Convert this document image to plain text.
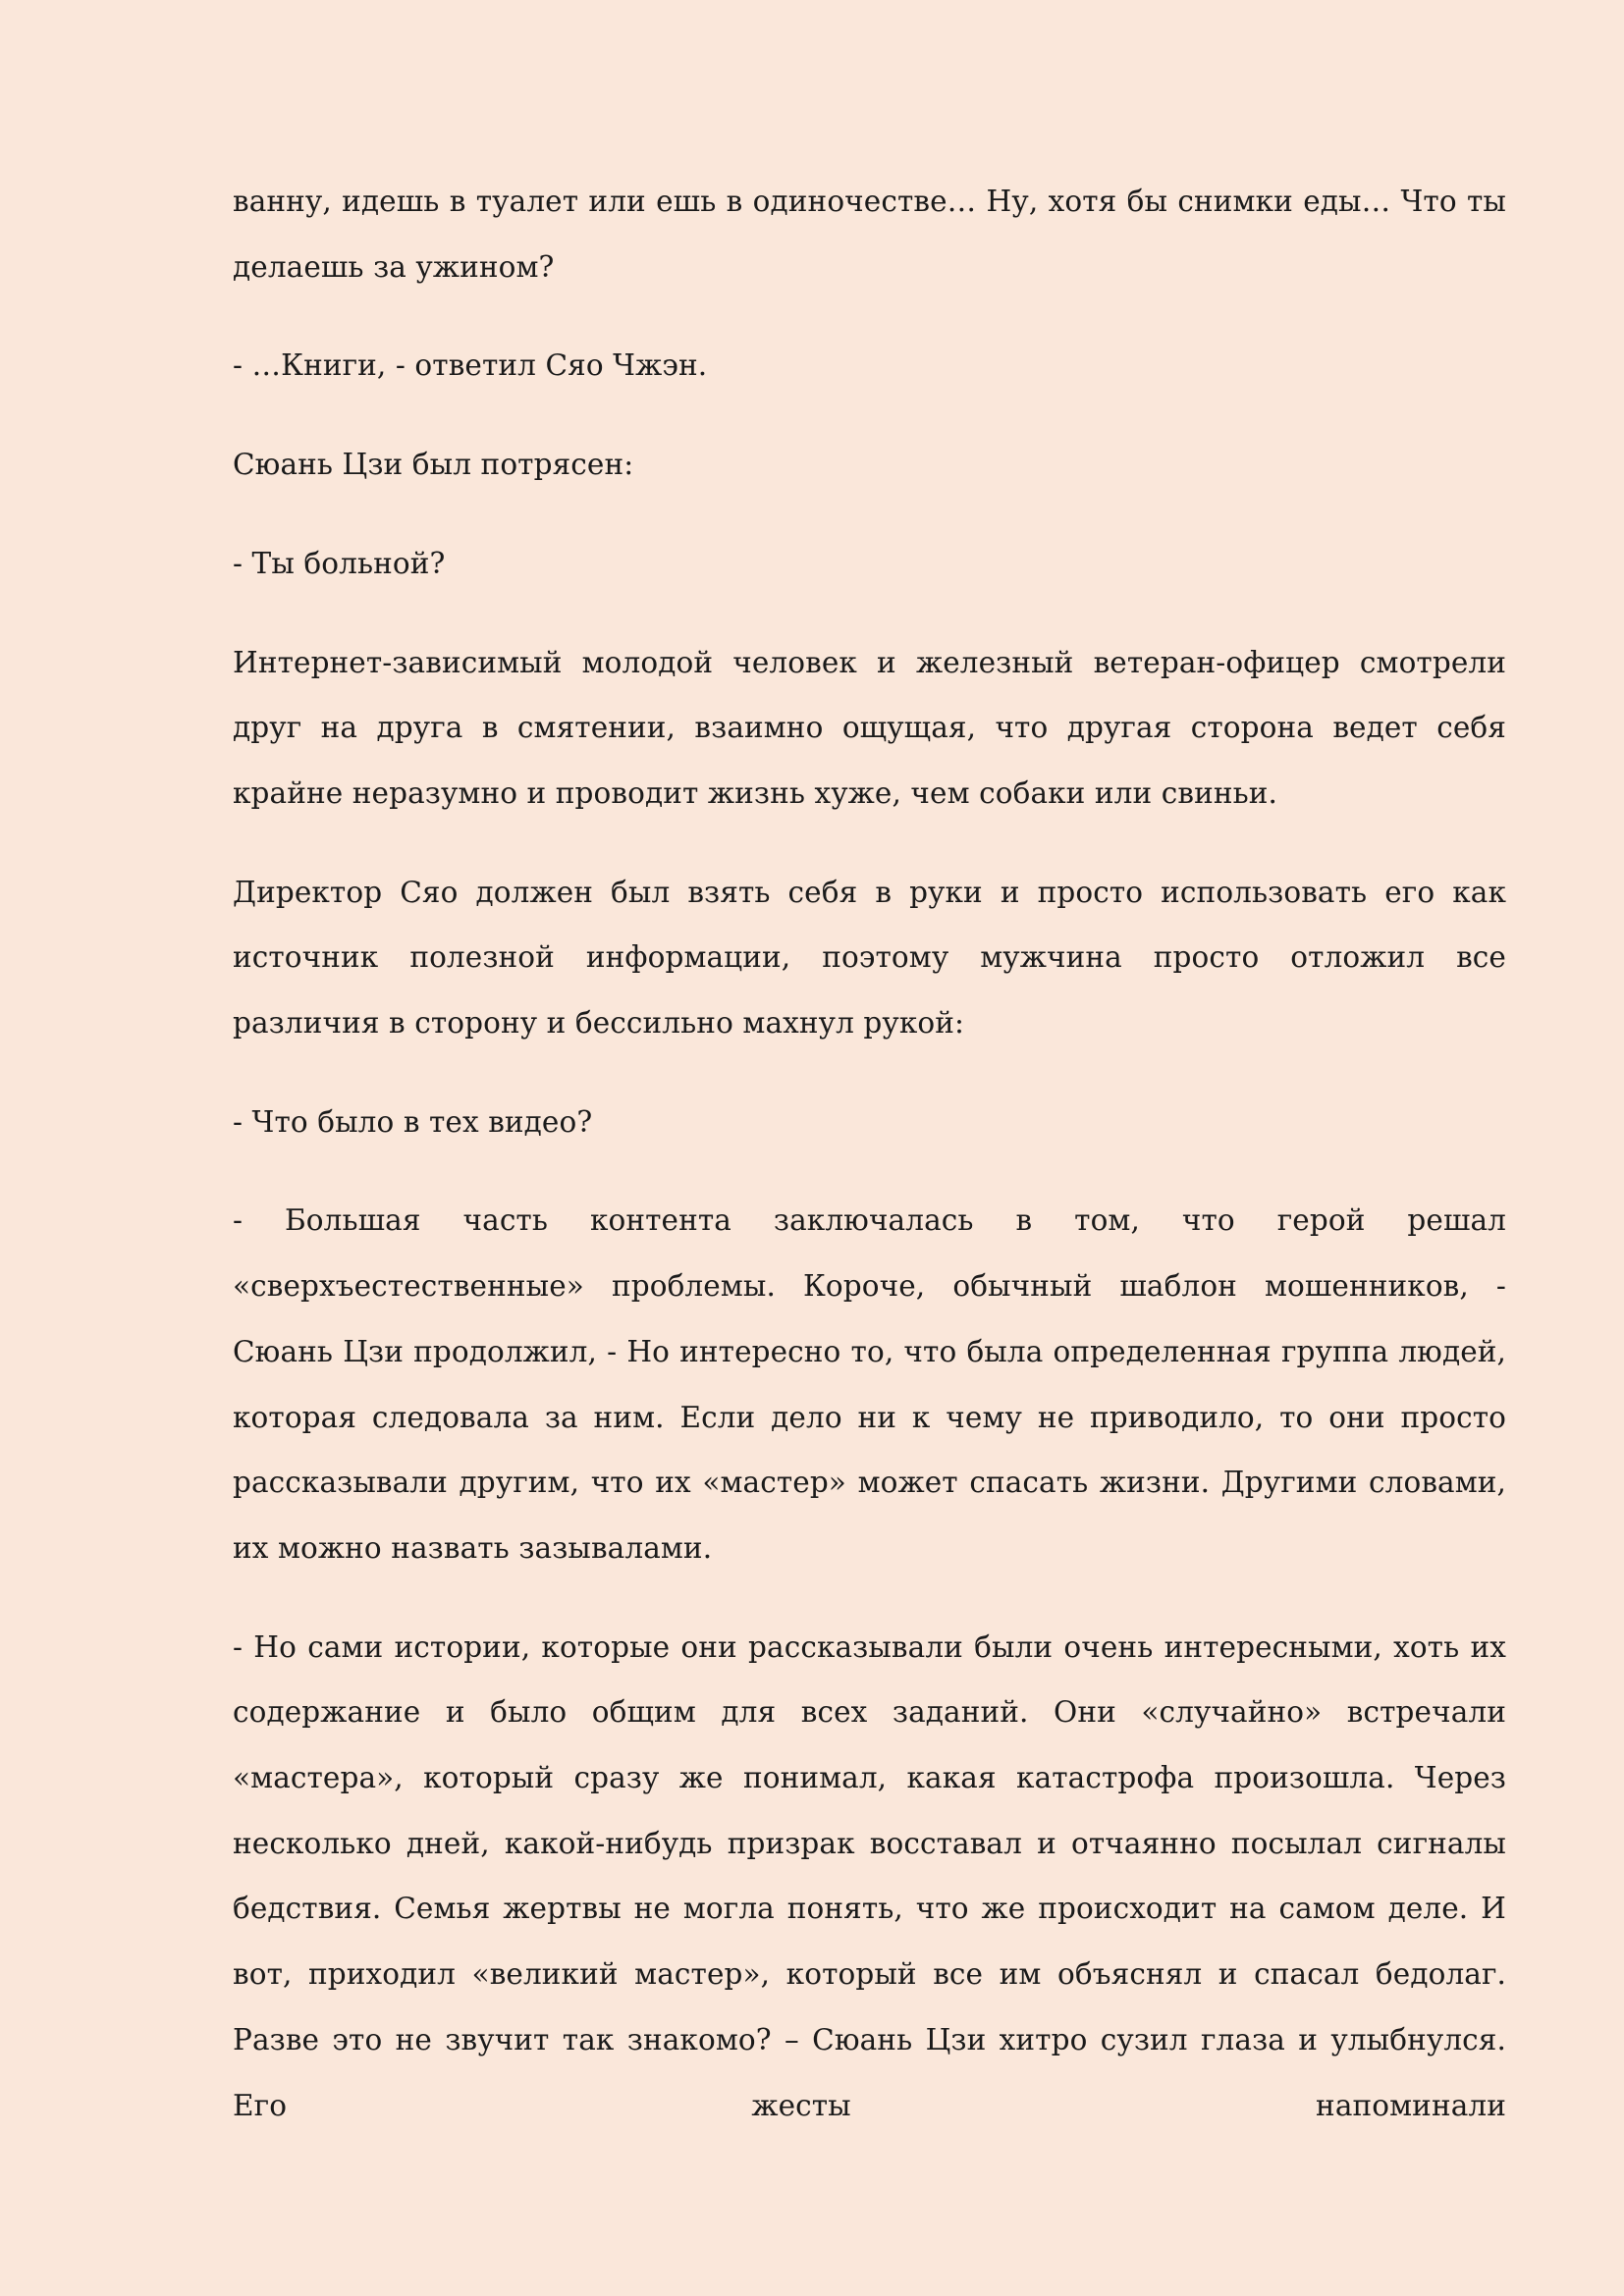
ванну, идешь в туалет или ешь в одиночестве… Ну, хотя бы снимки еды… Что ты делаешь за ужином?

- …Книги, - ответил Сяо Чжэн.

Сюань Цзи был потрясен:

- Ты больной?

Интернет-зависимый молодой человек и железный ветеран-офицер смотрели друг на друга в смятении, взаимно ощущая, что другая сторона ведет себя крайне неразумно и проводит жизнь хуже, чем собаки или свиньи.

Директор Сяо должен был взять себя в руки и просто использовать его как источник полезной информации, поэтому мужчина просто отложил все различия в сторону и бессильно махнул рукой:

- Что было в тех видео?

- Большая часть контента заключалась в том, что герой решал «сверхъестественные» проблемы. Короче, обычный шаблон мошенников, - Сюань Цзи продолжил, - Но интересно то, что была определенная группа людей, которая следовала за ним. Если дело ни к чему не приводило, то они просто рассказывали другим, что их «мастер» может спасать жизни. Другими словами, их можно назвать зазывалами.

- Но сами истории, которые они рассказывали были очень интересными, хоть их содержание и было общим для всех заданий. Они «случайно» встречали «мастера», который сразу же понимал, какая катастрофа произошла. Через несколько дней, какой-нибудь призрак восставал и отчаянно посылал сигналы бедствия. Семья жертвы не могла понять, что же происходит на самом деле. И вот, приходил «великий мастер», который все им объяснял и спасал бедолаг. Разве это не звучит так знакомо? – Сюань Цзи хитро сузил глаза и улыбнулся. Его жесты напоминали
